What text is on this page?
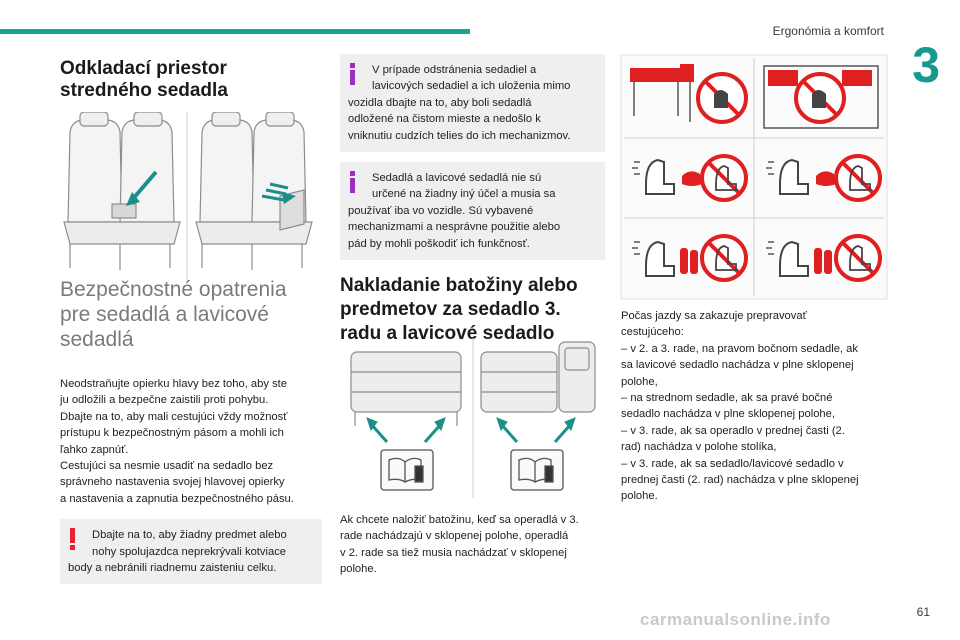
Ergonómia a komfort
3
Odkladací priestor stredného sedadla
Bezpečnostné opatrenia pre sedadlá a lavicové sedadlá

Neodstraňujte opierku hlavy bez toho, aby ste
ju odložili a bezpečne zaistili proti pohybu.
Dbajte na to, aby mali cestujúci vždy možnosť
prístupu k bezpečnostným pásom a mohli ich
ľahko zapnúť.
Cestujúci sa nesmie usadiť na sedadlo bez
správneho nastavenia svojej hlavovej opierky
a nastavenia a zapnutia bezpečnostného pásu.

Dbajte na to, aby žiadny predmet alebo
nohy spolujazdca neprekrývali kotviace
body a nebránili riadnemu zaisteniu celku.
V prípade odstránenia sedadiel a
lavicových sedadiel a ich uloženia mimo
vozidla dbajte na to, aby boli sedadlá
odložené na čistom mieste a nedošlo k
vniknutiu cudzích telies do ich mechanizmov.
Sedadlá a lavicové sedadlá nie sú
určené na žiadny iný účel a musia sa
používať iba vo vozidle. Sú vybavené
mechanizmami a nesprávne použitie alebo
pád by mohli poškodiť ich funkčnosť.
Nakladanie batožiny alebo predmetov za sedadlo 3. radu a lavicové sedadlo

Ak chcete naložiť batožinu, keď sa operadlá v 3.
rade nachádzajú v sklopenej polohe, operadlá
v 2. rade sa tiež musia nachádzať v sklopenej
polohe.

Počas jazdy sa zakazuje prepravovať
cestujúceho:
– v 2. a 3. rade, na pravom bočnom sedadle, ak
sa lavicové sedadlo nachádza v plne sklopenej
polohe,
– na strednom sedadle, ak sa pravé bočné
sedadlo nachádza v plne sklopenej polohe,
– v 3. rade, ak sa operadlo v prednej časti (2.
rad) nachádza v polohe stolíka,
– v 3. rade, ak sa sedadlo/lavicové sedadlo v
prednej časti (2. rad) nachádza v plne sklopenej
polohe.

carmanualsonline.info	61
